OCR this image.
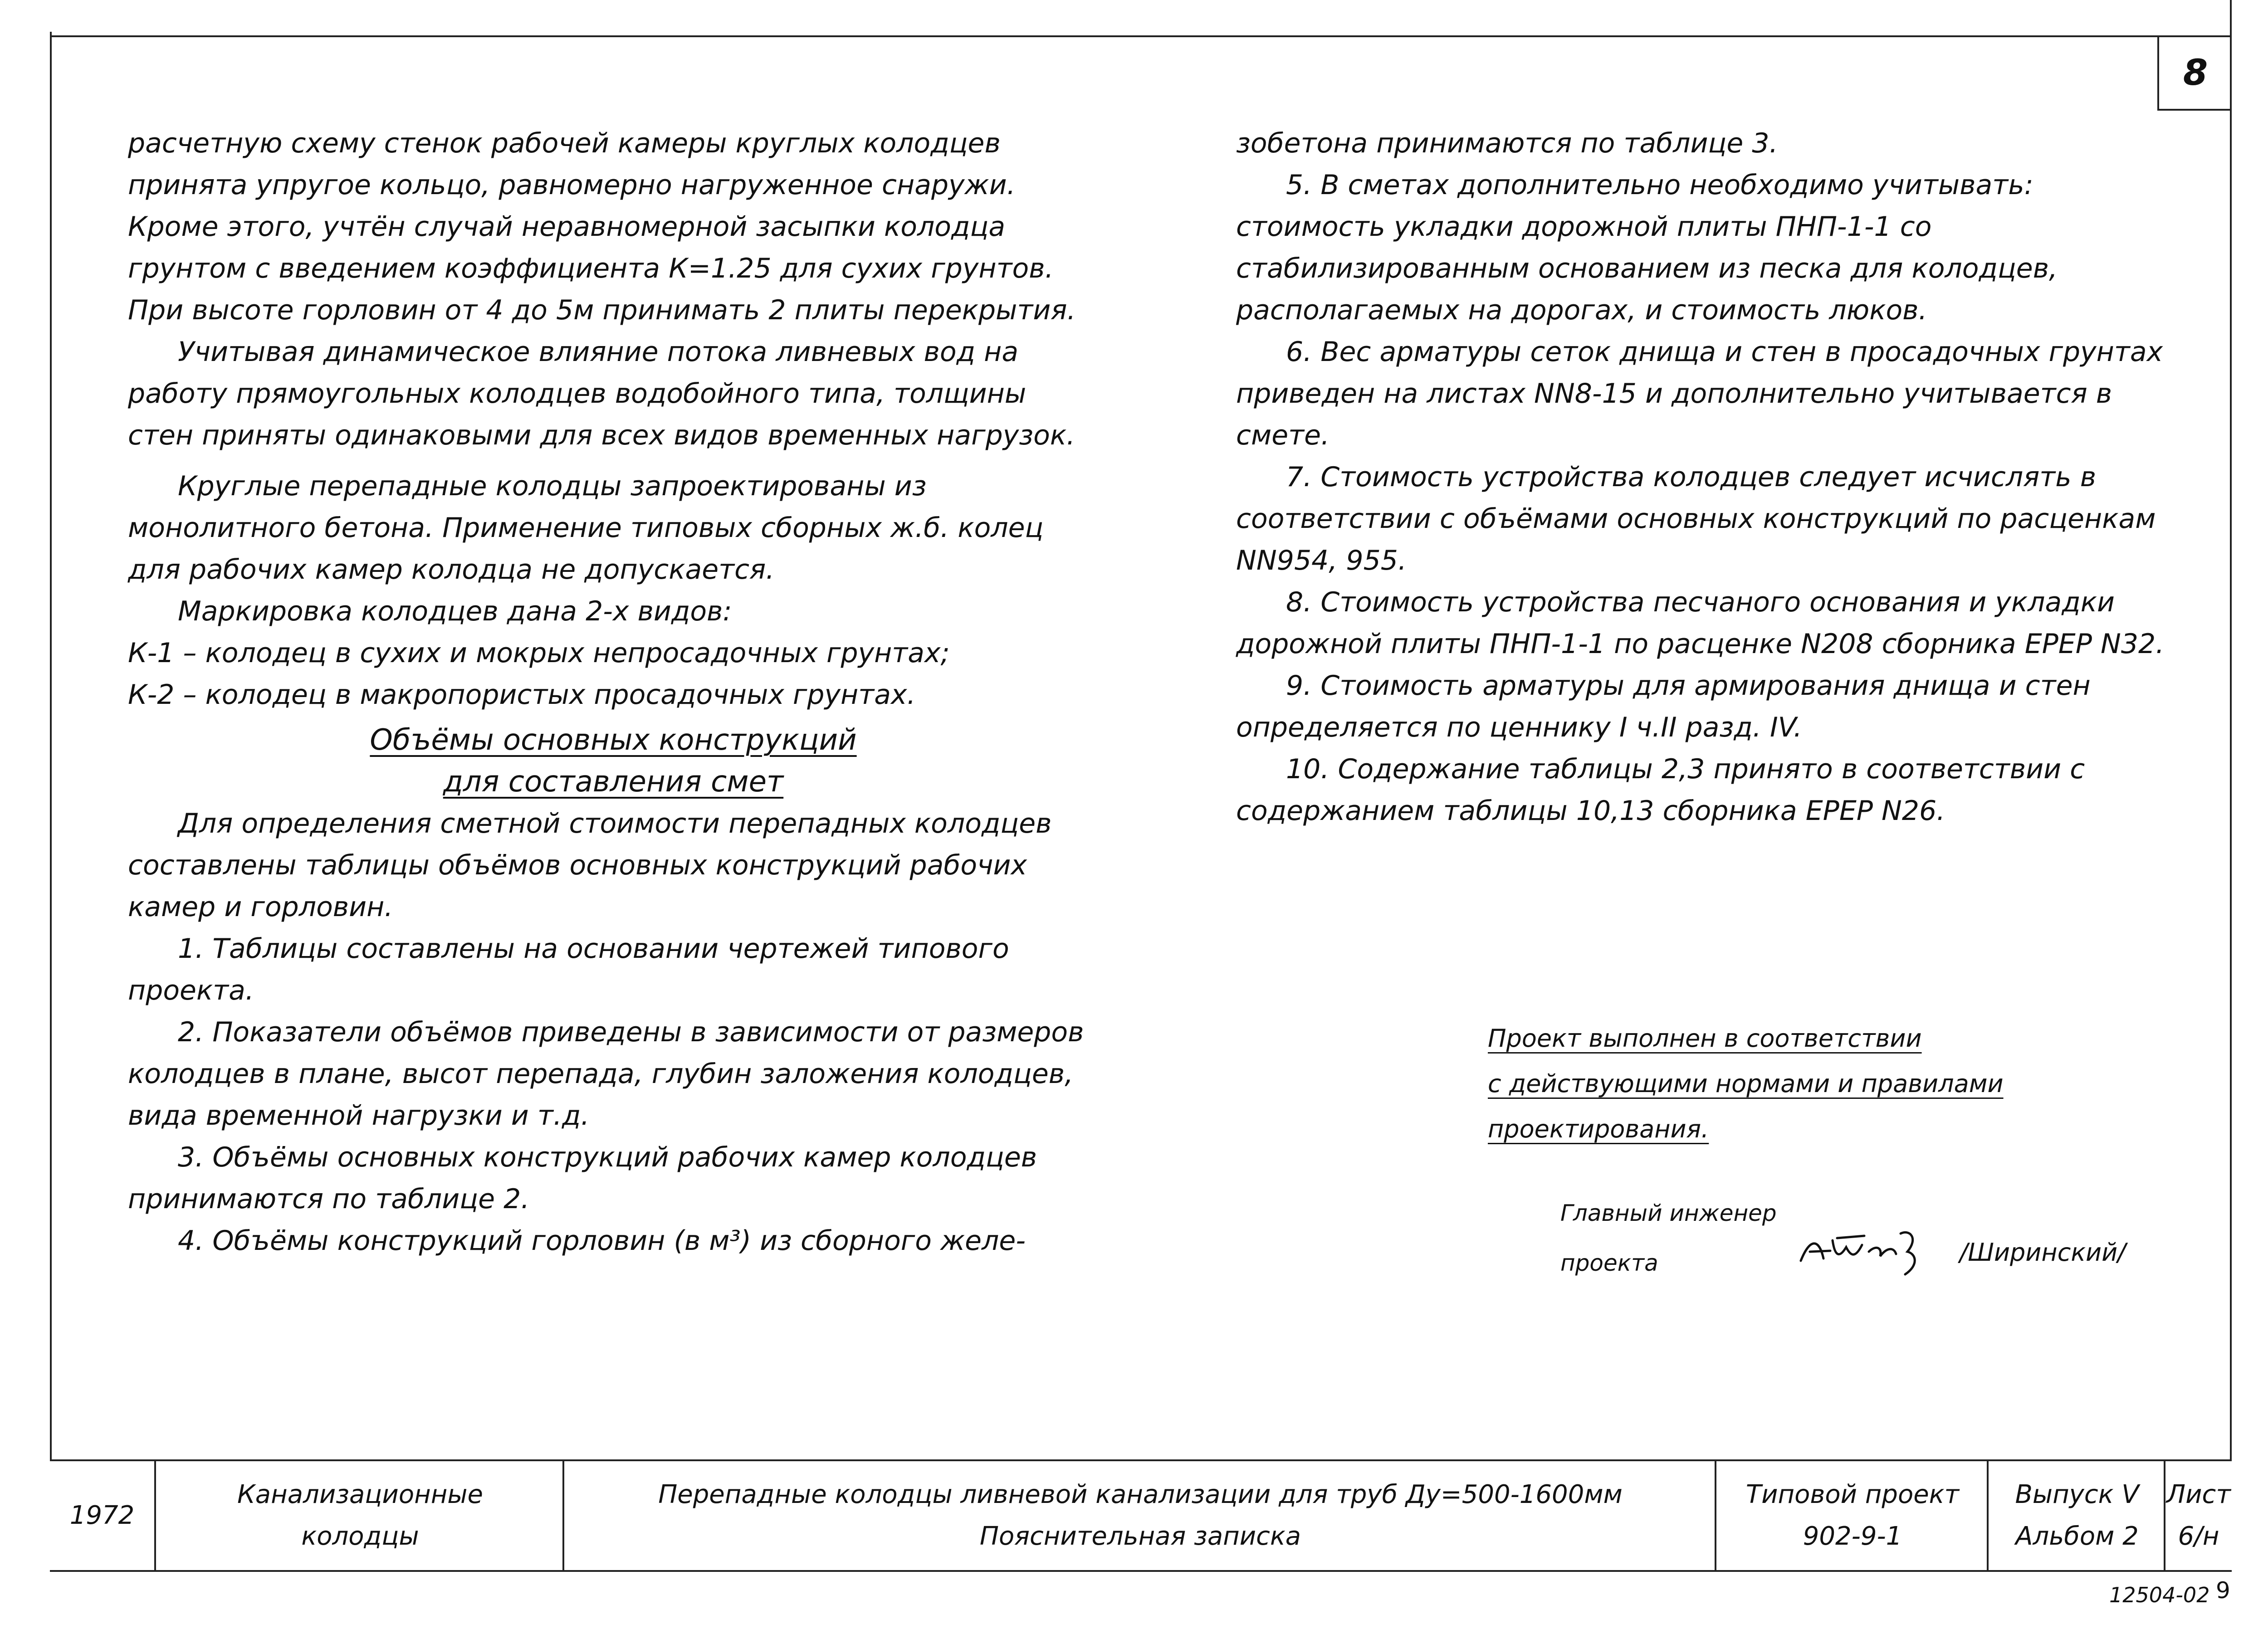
8

расчетную схему стенок рабочей камеры круглых колодцев принята упругое кольцо, равномерно нагруженное снаружи. Кроме этого, учтён случай неравномерной засыпки колодца грунтом с введением коэффициента К=1.25 для сухих грунтов. При высоте горловин от 4 до 5м принимать 2 плиты перекрытия.

Учитывая динамическое влияние потока ливневых вод на работу прямоугольных колодцев водобойного типа, толщины стен приняты одинаковыми для всех видов временных нагрузок.

Круглые перепадные колодцы запроектированы из монолитного бетона. Применение типовых сборных ж.б. колец для рабочих камер колодца не допускается.

Маркировка колодцев дана 2-х видов:

К-1 – колодец в сухих и мокрых непросадочных грунтах;

К-2 – колодец в макропористых просадочных грунтах.

Объёмы основных конструкций
для составления смет

Для определения сметной стоимости перепадных колодцев составлены таблицы объёмов основных конструкций рабочих камер и горловин.

1. Таблицы составлены на основании чертежей типового проекта.

2. Показатели объёмов приведены в зависимости от размеров колодцев в плане, высот перепада, глубин заложения колодцев, вида временной нагрузки и т.д.

3. Объёмы основных конструкций рабочих камер колодцев принимаются по таблице 2.

4. Объёмы конструкций горловин (в м³) из сборного желе-

зобетона принимаются по таблице 3.

5. В сметах дополнительно необходимо учитывать: стоимость укладки дорожной плиты ПНП-1-1 со стабилизированным основанием из песка для колодцев, располагаемых на дорогах, и стоимость люков.

6. Вес арматуры сеток днища и стен в просадочных грунтах приведен на листах NN8-15 и дополнительно учитывается в смете.

7. Стоимость устройства колодцев следует исчислять в соответствии с объёмами основных конструкций по расценкам NN954, 955.

8. Стоимость устройства песчаного основания и укладки дорожной плиты ПНП-1-1 по расценке N208 сборника ЕРЕР N32.

9. Стоимость арматуры для армирования днища и стен определяется по ценнику I ч.II разд. IV.

10. Содержание таблицы 2,3 принято в соответствии с содержанием таблицы 10,13 сборника ЕРЕР N26.

Проект выполнен в соответствии
с действующими нормами и правилами
проектирования.
Главный инженер
проекта	/Ширинский/
1972
Канализационные
колодцы
Перепадные колодцы ливневой канализации для труб Ду=500-1600мм
Пояснительная записка
Типовой проект
902-9-1
Выпуск V
Альбом 2
Лист
6/н
12504-02 9
